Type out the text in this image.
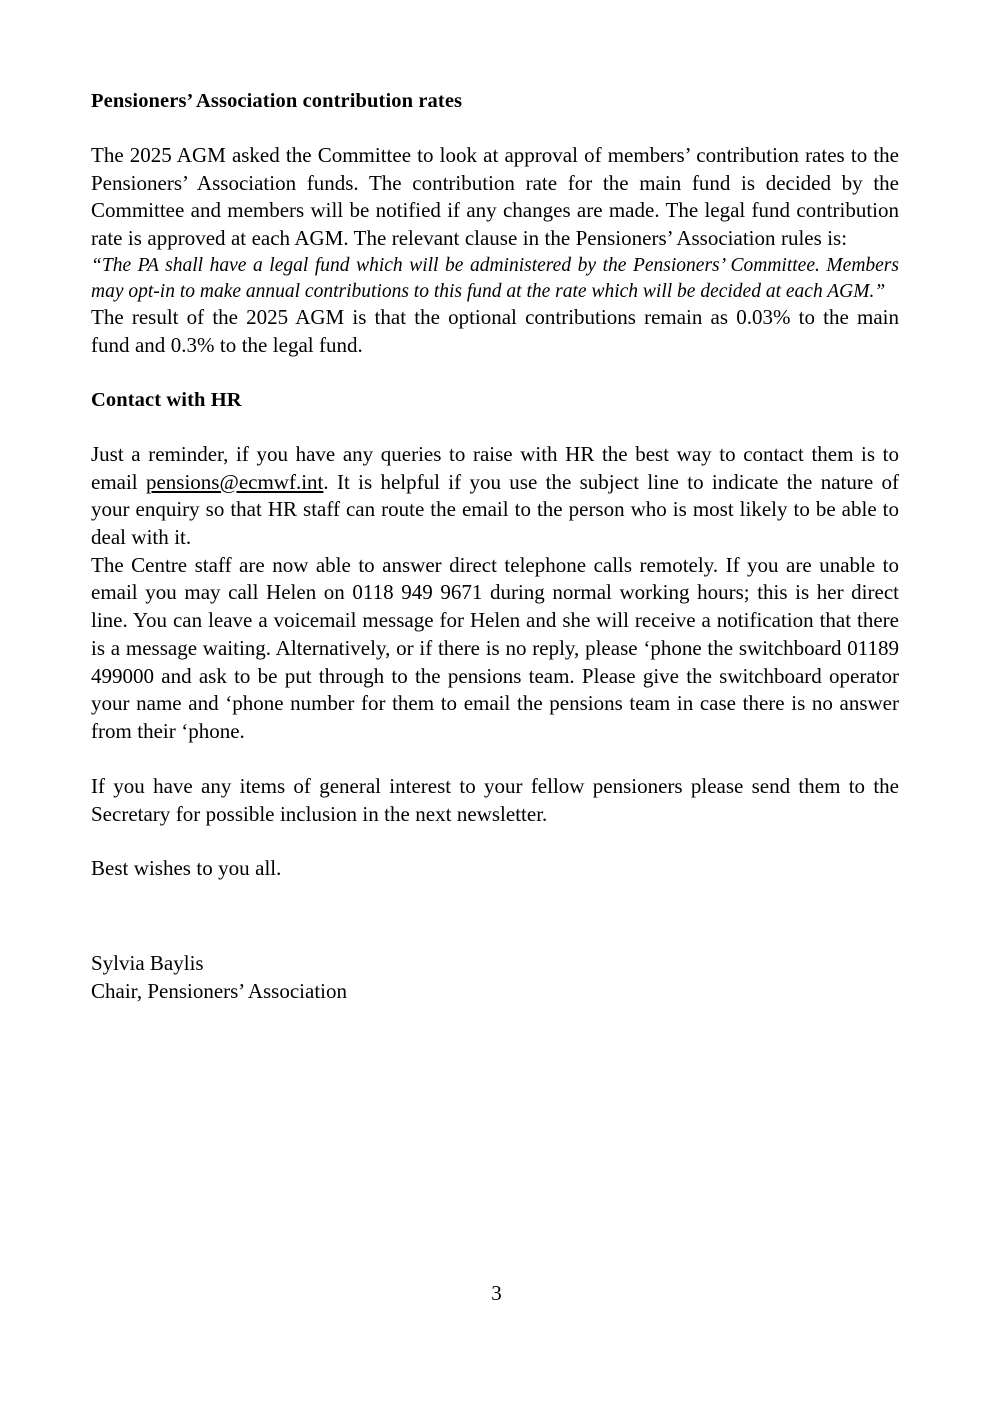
Pensioners’ Association contribution rates

The 2025 AGM asked the Committee to look at approval of members’ contribution rates to the Pensioners’ Association funds. The contribution rate for the main fund is decided by the Committee and members will be notified if any changes are made. The legal fund contribution rate is approved at each AGM. The relevant clause in the Pensioners’ Association rules is:

“The PA shall have a legal fund which will be administered by the Pensioners’ Committee. Members may opt-in to make annual contributions to this fund at the rate which will be decided at each AGM.”

The result of the 2025 AGM is that the optional contributions remain as 0.03% to the main fund and 0.3% to the legal fund.

Contact with HR

Just a reminder, if you have any queries to raise with HR the best way to contact them is to email pensions@ecmwf.int. It is helpful if you use the subject line to indicate the nature of your enquiry so that HR staff can route the email to the person who is most likely to be able to deal with it.

The Centre staff are now able to answer direct telephone calls remotely. If you are unable to email you may call Helen on 0118 949 9671 during normal working hours; this is her direct line. You can leave a voicemail message for Helen and she will receive a notification that there is a message waiting. Alternatively, or if there is no reply, please ‘phone the switchboard 01189 499000 and ask to be put through to the pensions team. Please give the switchboard operator your name and ‘phone number for them to email the pensions team in case there is no answer from their ‘phone.

If you have any items of general interest to your fellow pensioners please send them to the Secretary for possible inclusion in the next newsletter.

Best wishes to you all.

Sylvia Baylis

Chair, Pensioners’ Association

3
